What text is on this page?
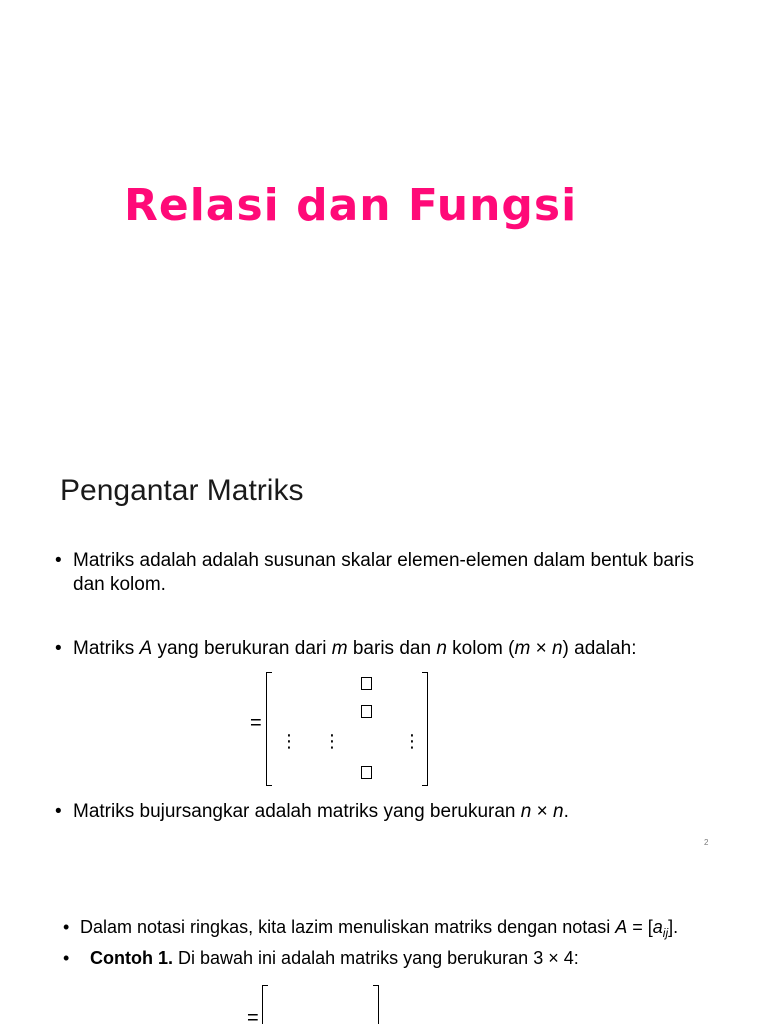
Relasi dan Fungsi
Pengantar Matriks
• Matriks adalah adalah susunan skalar elemen-elemen dalam bentuk baris dan kolom.
• Matriks A yang berukuran dari m baris dan n kolom (m × n) adalah:
=
⋮ ⋮	⋮
• Matriks bujursangkar adalah matriks yang berukuran n × n.
2
• Dalam notasi ringkas, kita lazim menuliskan matriks dengan notasi $A = [a_{ij}]$.
• Contoh 1. Di bawah ini adalah matriks yang berukuran 3 × 4:
=
